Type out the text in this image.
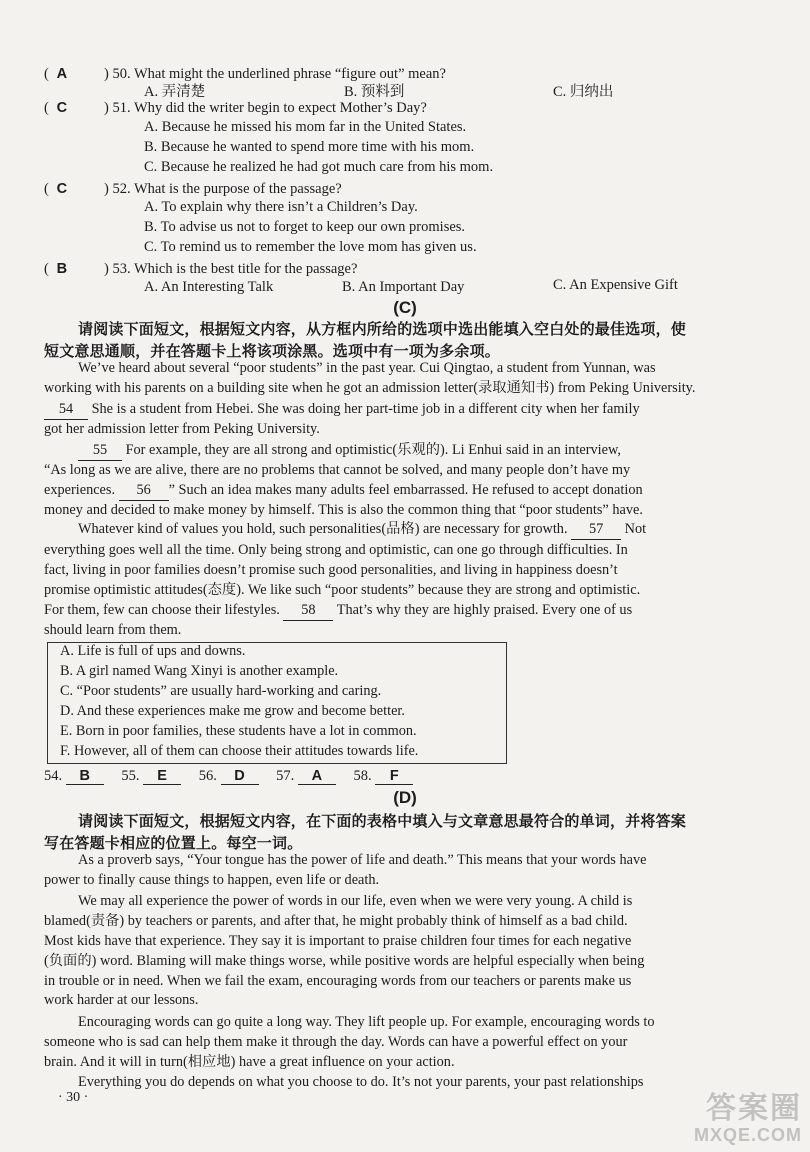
( A	) 50. What might the underlined phrase “figure out” mean?
A. 弄清楚	B. 预料到	C. 归纳出
( C	) 51. Why did the writer begin to expect Mother’s Day?
A. Because he missed his mom far in the United States.
B. Because he wanted to spend more time with his mom.
C. Because he realized he had got much care from his mom.
( C	) 52. What is the purpose of the passage?
A. To explain why there isn’t a Children’s Day.
B. To advise us not to forget to keep our own promises.
C. To remind us to remember the love mom has given us.
( B	) 53. Which is the best title for the passage?
A. An Interesting Talk	B. An Important Day	C. An Expensive Gift
(C)
请阅读下面短文，根据短文内容，从方框内所给的选项中选出能填入空白处的最佳选项，使
短文意思通顺，并在答题卡上将该项涂黑。选项中有一项为多余项。
We’ve heard about several “poor students” in the past year. Cui Qingtao, a student from Yunnan, was
working with his parents on a building site when he got an admission letter(录取通知书) from Peking University.
54 She is a student from Hebei. She was doing her part-time job in a different city when her family
got her admission letter from Peking University.
55 For example, they are all strong and optimistic(乐观的). Li Enhui said in an interview,
“As long as we are alive, there are no problems that cannot be solved, and many people don’t have my
experiences. 56 ” Such an idea makes many adults feel embarrassed. He refused to accept donation
money and decided to make money by himself. This is also the common thing that “poor students” have.
Whatever kind of values you hold, such personalities(品格) are necessary for growth. 57 Not
everything goes well all the time. Only being strong and optimistic, can one go through difficulties. In
fact, living in poor families doesn’t promise such good personalities, and living in happiness doesn’t
promise optimistic attitudes(态度). We like such “poor students” because they are strong and optimistic.
For them, few can choose their lifestyles. 58 That’s why they are highly praised. Every one of us
should learn from them.
A. Life is full of ups and downs.
B. A girl named Wang Xinyi is another example.
C. “Poor students” are usually hard-working and caring.
D. And these experiences make me grow and become better.
E. Born in poor families, these students have a lot in common.
F. However, all of them can choose their attitudes towards life.
54. B 55. E 56. D 57. A 58. F
(D)
请阅读下面短文，根据短文内容，在下面的表格中填入与文章意思最符合的单词，并将答案
写在答题卡相应的位置上。每空一词。
As a proverb says, “Your tongue has the power of life and death.” This means that your words have
power to finally cause things to happen, even life or death.
We may all experience the power of words in our life, even when we were very young. A child is
blamed(责备) by teachers or parents, and after that, he might probably think of himself as a bad child.
Most kids have that experience. They say it is important to praise children four times for each negative
(负面的) word. Blaming will make things worse, while positive words are helpful especially when being
in trouble or in need. When we fail the exam, encouraging words from our teachers or parents make us
work harder at our lessons.
Encouraging words can go quite a long way. They lift people up. For example, encouraging words to
someone who is sad can help them make it through the day. Words can have a powerful effect on your
brain. And it will in turn(相应地) have a great influence on your action.
Everything you do depends on what you choose to do. It’s not your parents, your past relationships
· 30 ·	答案圈
MXQE.COM
